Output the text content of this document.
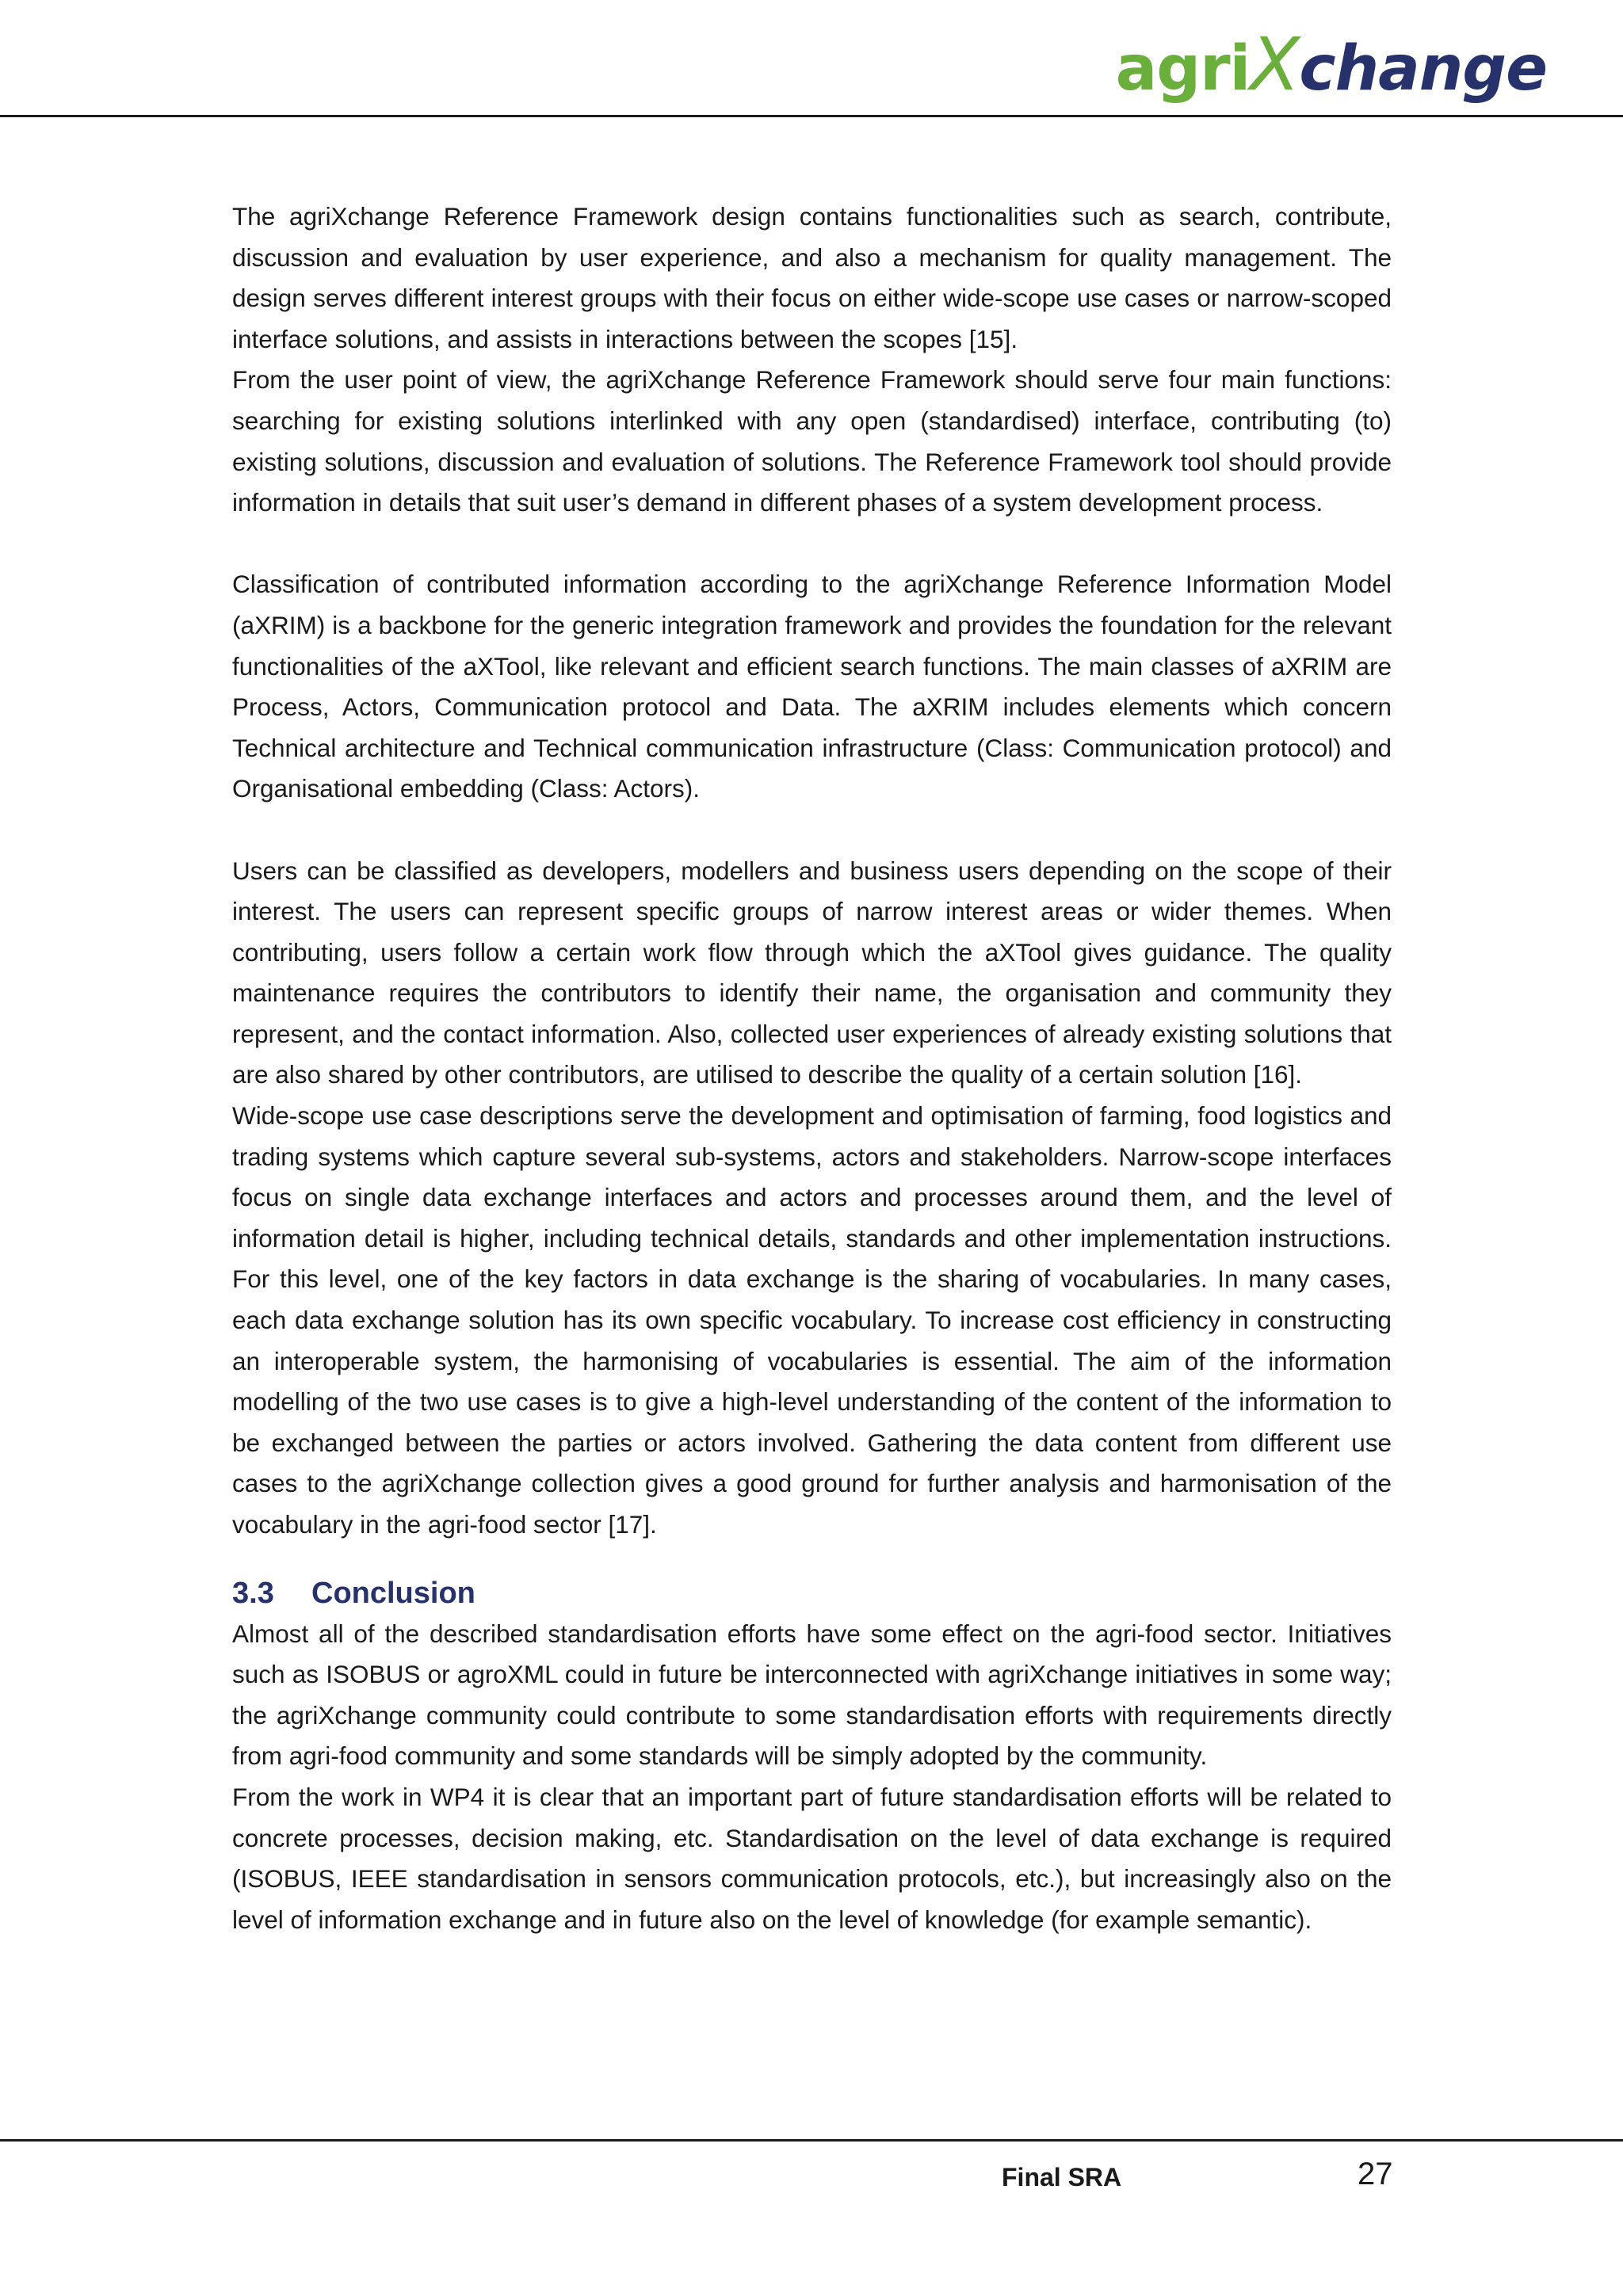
agriXchange

The agriXchange Reference Framework design contains functionalities such as search, contribute, discussion and evaluation by user experience, and also a mechanism for quality management. The design serves different interest groups with their focus on either wide-scope use cases or narrow-scoped interface solutions, and assists in interactions between the scopes [15].

From the user point of view, the agriXchange Reference Framework should serve four main functions: searching for existing solutions interlinked with any open (standardised) interface, contributing (to) existing solutions, discussion and evaluation of solutions. The Reference Framework tool should provide information in details that suit user’s demand in different phases of a system development process.

Classification of contributed information according to the agriXchange Reference Information Model (aXRIM) is a backbone for the generic integration framework and provides the foundation for the relevant functionalities of the aXTool, like relevant and efficient search functions. The main classes of aXRIM are Process, Actors, Communication protocol and Data. The aXRIM includes elements which concern Technical architecture and Technical communication infrastructure (Class: Communication protocol) and Organisational embedding (Class: Actors).

Users can be classified as developers, modellers and business users depending on the scope of their interest. The users can represent specific groups of narrow interest areas or wider themes. When contributing, users follow a certain work flow through which the aXTool gives guidance. The quality maintenance requires the contributors to identify their name, the organisation and community they represent, and the contact information. Also, collected user experiences of already existing solutions that are also shared by other contributors, are utilised to describe the quality of a certain solution [16].

Wide-scope use case descriptions serve the development and optimisation of farming, food logistics and trading systems which capture several sub-systems, actors and stakeholders. Narrow-scope interfaces focus on single data exchange interfaces and actors and processes around them, and the level of information detail is higher, including technical details, standards and other implementation instructions. For this level, one of the key factors in data exchange is the sharing of vocabularies. In many cases, each data exchange solution has its own specific vocabulary. To increase cost efficiency in constructing an interoperable system, the harmonising of vocabularies is essential. The aim of the information modelling of the two use cases is to give a high-level understanding of the content of the information to be exchanged between the parties or actors involved. Gathering the data content from different use cases to the agriXchange collection gives a good ground for further analysis and harmonisation of the vocabulary in the agri-food sector [17].

3.3 Conclusion

Almost all of the described standardisation efforts have some effect on the agri-food sector. Initiatives such as ISOBUS or agroXML could in future be interconnected with agriXchange initiatives in some way; the agriXchange community could contribute to some standardisation efforts with requirements directly from agri-food community and some standards will be simply adopted by the community.

From the work in WP4 it is clear that an important part of future standardisation efforts will be related to concrete processes, decision making, etc. Standardisation on the level of data exchange is required (ISOBUS, IEEE standardisation in sensors communication protocols, etc.), but increasingly also on the level of information exchange and in future also on the level of knowledge (for example semantic).

Final SRA	27
